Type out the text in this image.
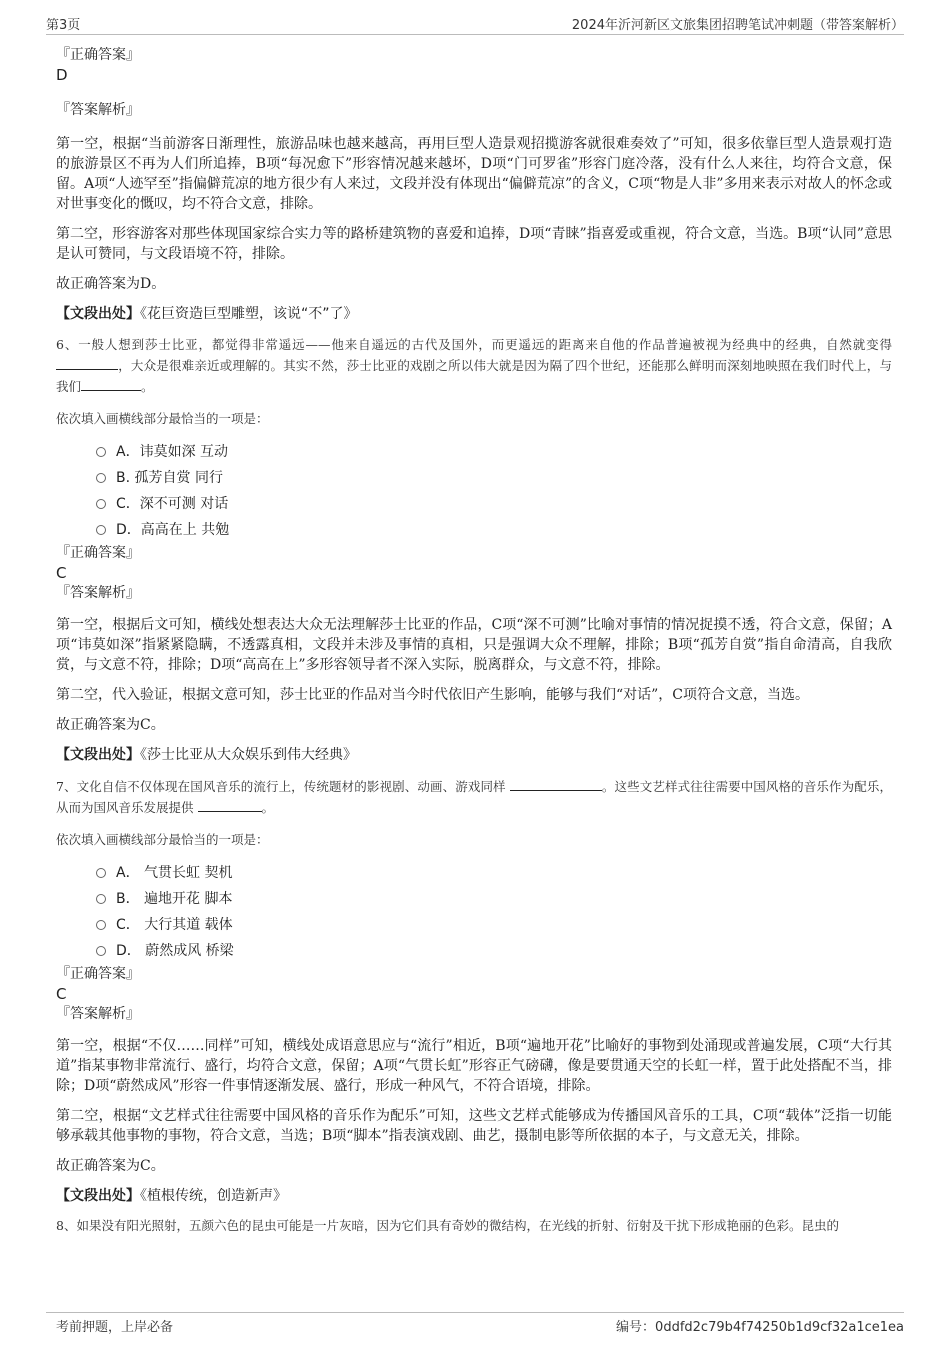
第3页	2024年沂河新区文旅集团招聘笔试冲刺题（带答案解析）

『正确答案』

D

『答案解析』

第一空，根据“当前游客日渐理性，旅游品味也越来越高，再用巨型人造景观招揽游客就很难奏效了”可知，很多依靠巨型人造景观打造的旅游景区不再为人们所追捧，B项“每况愈下”形容情况越来越坏，D项“门可罗雀”形容门庭冷落，没有什么人来往，均符合文意，保留。A项“人迹罕至”指偏僻荒凉的地方很少有人来过，文段并没有体现出“偏僻荒凉”的含义，C项“物是人非”多用来表示对故人的怀念或对世事变化的慨叹，均不符合文意，排除。

第二空，形容游客对那些体现国家综合实力等的路桥建筑物的喜爱和追捧，D项“青睐”指喜爱或重视，符合文意，当选。B项“认同”意思是认可赞同，与文段语境不符，排除。

故正确答案为D。

【文段出处】《花巨资造巨型雕塑，该说“不”了》

6、一般人想到莎士比亚，都觉得非常遥远——他来自遥远的古代及国外，而更遥远的距离来自他的作品普遍被视为经典中的经典，自然就变得，大众是很难亲近或理解的。其实不然，莎士比亚的戏剧之所以伟大就是因为隔了四个世纪，还能那么鲜明而深刻地映照在我们时代上，与我们	。

依次填入画横线部分最恰当的一项是：

A．讳莫如深 互动
B. 孤芳自赏 同行
C．深不可测 对话
D．高高在上 共勉

『正确答案』

C

『答案解析』

第一空，根据后文可知，横线处想表达大众无法理解莎士比亚的作品，C项“深不可测”比喻对事情的情况捉摸不透，符合文意，保留；A项“讳莫如深”指紧紧隐瞒，不透露真相，文段并未涉及事情的真相，只是强调大众不理解，排除；B项“孤芳自赏”指自命清高，自我欣赏，与文意不符，排除；D项“高高在上”多形容领导者不深入实际，脱离群众，与文意不符，排除。

第二空，代入验证，根据文意可知，莎士比亚的作品对当今时代依旧产生影响，能够与我们“对话”，C项符合文意，当选。

故正确答案为C。

【文段出处】《莎士比亚从大众娱乐到伟大经典》

7、文化自信不仅体现在国风音乐的流行上，传统题材的影视剧、动画、游戏同样	。这些文艺样式往往需要中国风格的音乐作为配乐，从而为国风音乐发展提供	。

依次填入画横线部分最恰当的一项是：

A． 气贯长虹 契机
B． 遍地开花 脚本
C． 大行其道 载体
D． 蔚然成风 桥梁

『正确答案』

C

『答案解析』

第一空，根据“不仅……同样”可知，横线处成语意思应与“流行”相近，B项“遍地开花”比喻好的事物到处涌现或普遍发展，C项“大行其道”指某事物非常流行、盛行，均符合文意，保留；A项“气贯长虹”形容正气磅礴，像是要贯通天空的长虹一样，置于此处搭配不当，排除；D项“蔚然成风”形容一件事情逐渐发展、盛行，形成一种风气，不符合语境，排除。

第二空，根据“文艺样式往往需要中国风格的音乐作为配乐”可知，这些文艺样式能够成为传播国风音乐的工具，C项“载体”泛指一切能够承载其他事物的事物，符合文意，当选；B项“脚本”指表演戏剧、曲艺，摄制电影等所依据的本子，与文意无关，排除。

故正确答案为C。

【文段出处】《植根传统，创造新声》

8、如果没有阳光照射，五颜六色的昆虫可能是一片灰暗，因为它们具有奇妙的微结构，在光线的折射、衍射及干扰下形成艳丽的色彩。昆虫的

考前押题，上岸必备	编号：0ddfd2c79b4f74250b1d9cf32a1ce1ea
